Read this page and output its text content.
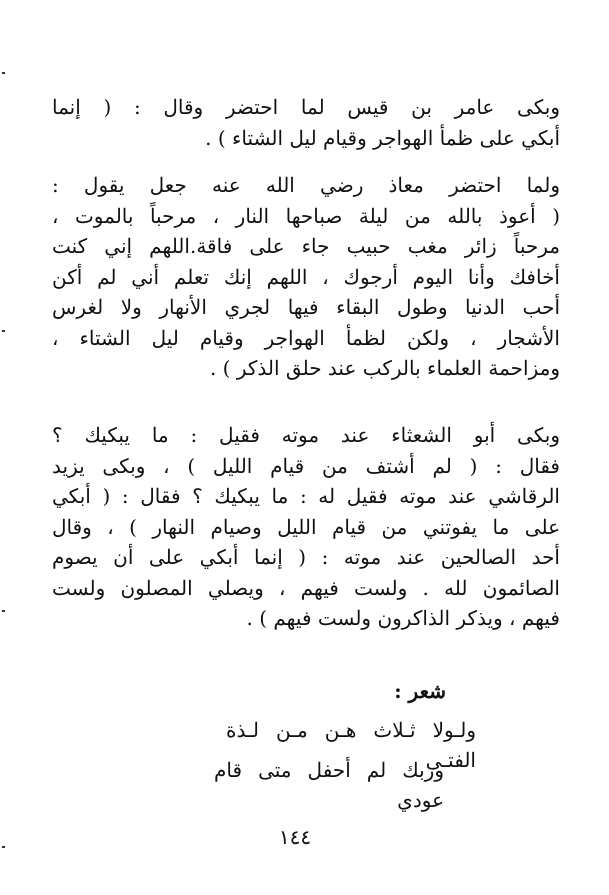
وبكى عامر بن قيس لما احتضر وقال : ( إنما
أبكي على ظمأ الهواجر وقيام ليل الشتاء ) .
ولما احتضر معاذ رضي الله عنه جعل يقول :
( أعوذ بالله من ليلة صباحها النار ، مرحباً بالموت ،
مرحباً زائر مغب حبيب جاء على فاقة.اللهم إني كنت
أخافك وأنا اليوم أرجوك ، اللهم إنك تعلم أني لم أكن
أحب الدنيا وطول البقاء فيها لجري الأنهار ولا لغرس
الأشجار ، ولكن لظمأ الهواجر وقيام ليل الشتاء ،
ومزاحمة العلماء بالركب عند حلق الذكر ) .
وبكى أبو الشعثاء عند موته فقيل : ما يبكيك ؟
فقال : ( لم أشتف من قيام الليل ) ، وبكى يزيد
الرقاشي عند موته فقيل له : ما يبكيك ؟ فقال : ( أبكي
على ما يفوتني من قيام الليل وصيام النهار ) ، وقال
أحد الصالحين عند موته : ( إنما أبكي على أن يصوم
الصائمون لله . ولست فيهم ، ويصلي المصلون ولست
فيهم ، ويذكر الذاكرون ولست فيهم ) .
شعر :
ولـولا ثـلاث هـن مـن لـذة الفتـى
وربك لم أحفل متى قام عودي
١٤٤
